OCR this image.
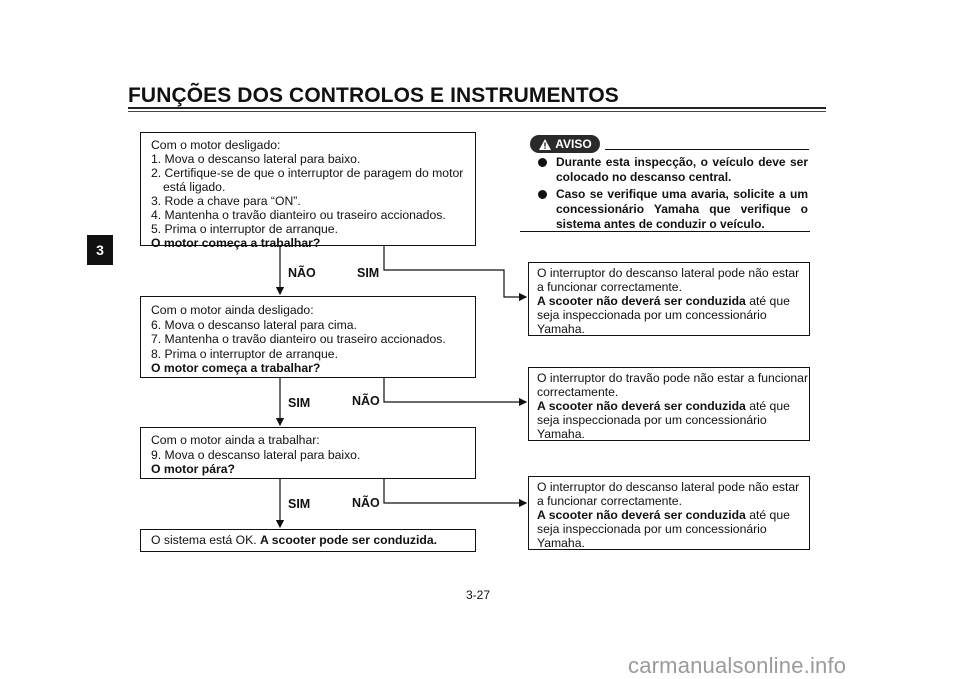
FUNÇÕES DOS CONTROLOS E INSTRUMENTOS
3
Com o motor desligado:
1. Mova o descanso lateral para baixo.
2. Certifique-se de que o interruptor de paragem do motor
está ligado.
3. Rode a chave para “ON”.
4. Mantenha o travão dianteiro ou traseiro accionados.
5. Prima o interruptor de arranque.
O motor começa a trabalhar?
NÃO	SIM
Com o motor ainda desligado:
6. Mova o descanso lateral para cima.
7. Mantenha o travão dianteiro ou traseiro accionados.
8. Prima o interruptor de arranque.
O motor começa a trabalhar?
SIM	NÃO
Com o motor ainda a trabalhar:
9. Mova o descanso lateral para baixo.
O motor pára?
SIM	NÃO
O sistema está OK. A scooter pode ser conduzida.
AVISO
Durante esta inspecção, o veículo deve ser colocado no descanso central.
Caso se verifique uma avaria, solicite a um concessionário Yamaha que verifique o sistema antes de conduzir o veículo.
O interruptor do descanso lateral pode não estar
a funcionar correctamente.
A scooter não deverá ser conduzida até que
seja inspeccionada por um concessionário
Yamaha.
O interruptor do travão pode não estar a funcionar
correctamente.
A scooter não deverá ser conduzida até que
seja inspeccionada por um concessionário
Yamaha.
O interruptor do descanso lateral pode não estar
a funcionar correctamente.
A scooter não deverá ser conduzida até que
seja inspeccionada por um concessionário
Yamaha.
3-27
carmanualsonline.info
